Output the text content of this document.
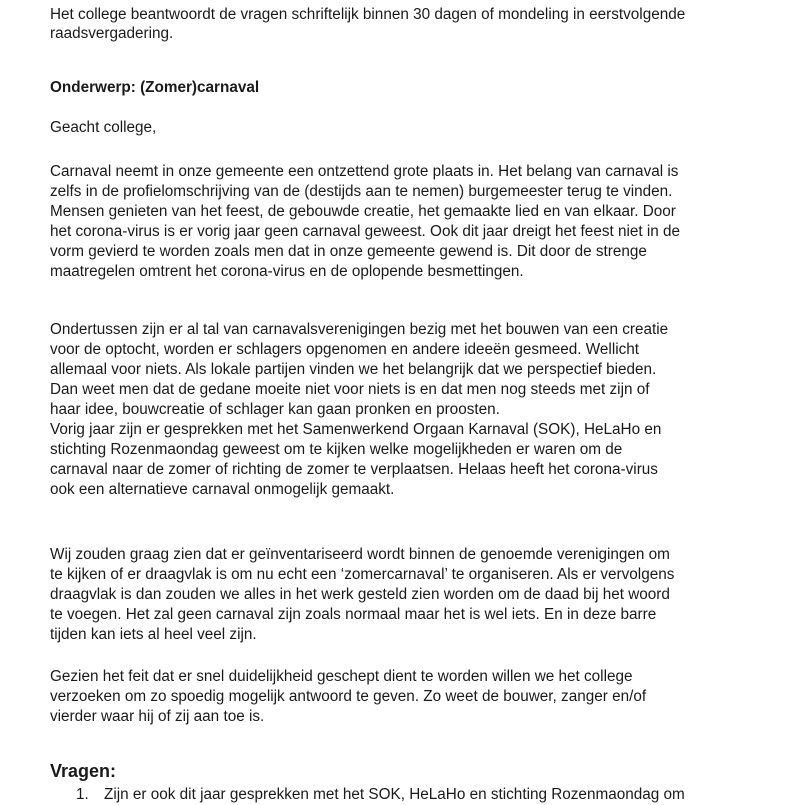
Het college beantwoordt de vragen schriftelijk binnen 30 dagen of mondeling in eerstvolgende
raadsvergadering.
Onderwerp: (Zomer)carnaval
Geacht college,
Carnaval neemt in onze gemeente een ontzettend grote plaats in. Het belang van carnaval is
zelfs in de profielomschrijving van de (destijds aan te nemen) burgemeester terug te vinden.
Mensen genieten van het feest, de gebouwde creatie, het gemaakte lied en van elkaar. Door
het corona-virus is er vorig jaar geen carnaval geweest. Ook dit jaar dreigt het feest niet in de
vorm gevierd te worden zoals men dat in onze gemeente gewend is. Dit door de strenge
maatregelen omtrent het corona-virus en de oplopende besmettingen.
Ondertussen zijn er al tal van carnavalsverenigingen bezig met het bouwen van een creatie
voor de optocht, worden er schlagers opgenomen en andere ideeën gesmeed. Wellicht
allemaal voor niets. Als lokale partijen vinden we het belangrijk dat we perspectief bieden.
Dan weet men dat de gedane moeite niet voor niets is en dat men nog steeds met zijn of
haar idee, bouwcreatie of schlager kan gaan pronken en proosten.
Vorig jaar zijn er gesprekken met het Samenwerkend Orgaan Karnaval (SOK), HeLaHo en
stichting Rozenmaondag geweest om te kijken welke mogelijkheden er waren om de
carnaval naar de zomer of richting de zomer te verplaatsen. Helaas heeft het corona-virus
ook een alternatieve carnaval onmogelijk gemaakt.
Wij zouden graag zien dat er geïnventariseerd wordt binnen de genoemde verenigingen om
te kijken of er draagvlak is om nu echt een ‘zomercarnaval’ te organiseren. Als er vervolgens
draagvlak is dan zouden we alles in het werk gesteld zien worden om de daad bij het woord
te voegen. Het zal geen carnaval zijn zoals normaal maar het is wel iets. En in deze barre
tijden kan iets al heel veel zijn.
Gezien het feit dat er snel duidelijkheid geschept dient te worden willen we het college
verzoeken om zo spoedig mogelijk antwoord te geven. Zo weet de bouwer, zanger en/of
vierder waar hij of zij aan toe is.
Vragen:
1. Zijn er ook dit jaar gesprekken met het SOK, HeLaHo en stichting Rozenmaondag om
